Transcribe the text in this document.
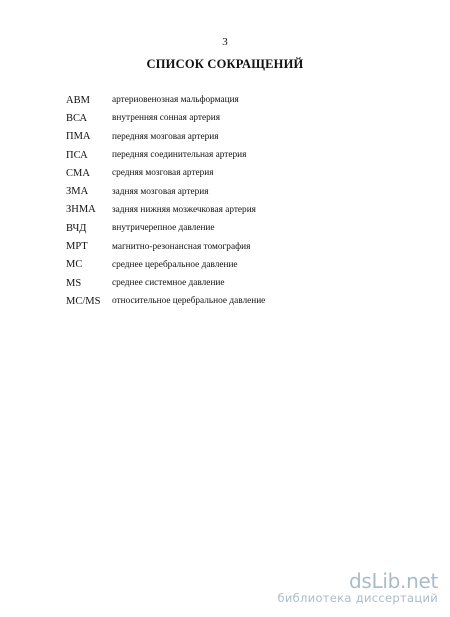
3
СПИСОК СОКРАЩЕНИЙ
АВМ	артериовенозная мальформация
ВСА	внутренняя сонная артерия
ПМА	передняя мозговая артерия
ПСА	передняя соединительная артерия
СМА	средняя мозговая артерия
ЗМА	задняя мозговая артерия
ЗНМА	задняя нижняя мозжечковая артерия
ВЧД	внутричерепное давление
МРТ	магнитно-резонансная томография
МС	среднее церебральное давление
MS	среднее системное давление
МС/MS	относительное церебральное давление
dsLib.net
библиотека диссертаций
